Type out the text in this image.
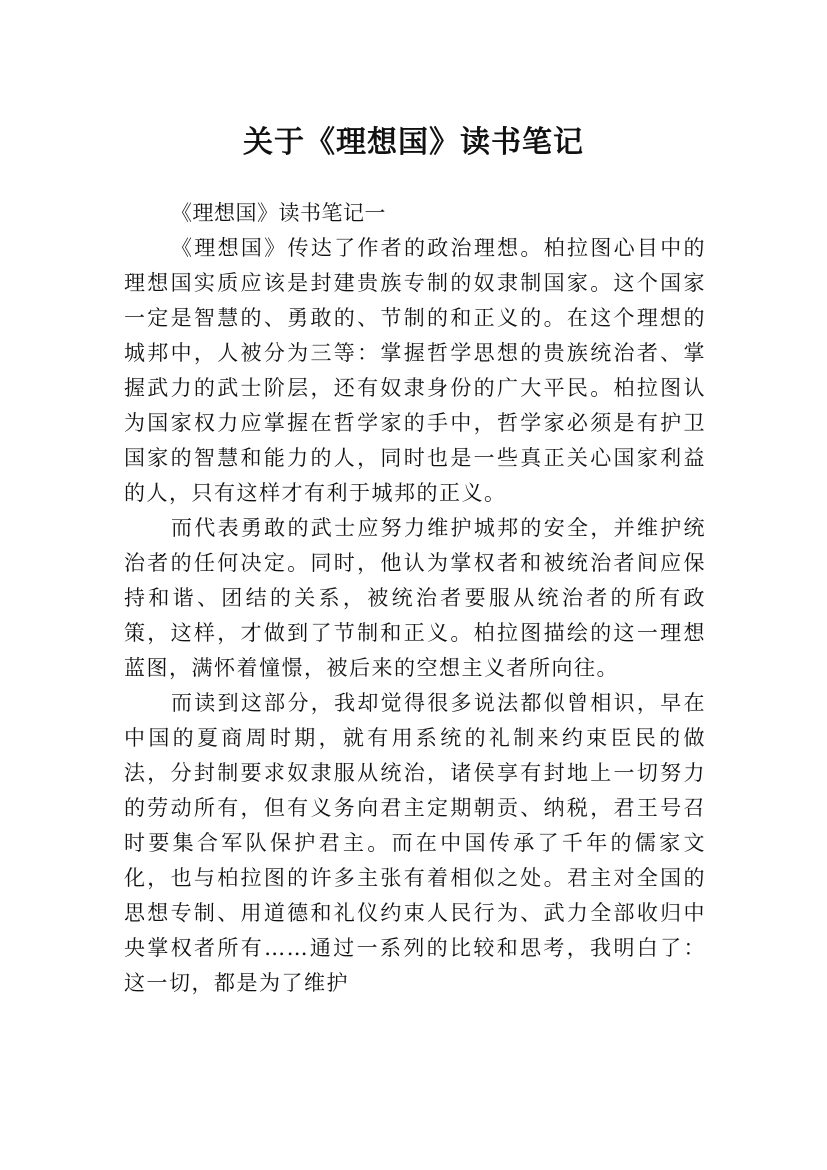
关于《理想国》读书笔记

《理想国》读书笔记一

《理想国》传达了作者的政治理想。柏拉图心目中的理想国实质应该是封建贵族专制的奴隶制国家。这个国家一定是智慧的、勇敢的、节制的和正义的。在这个理想的城邦中，人被分为三等：掌握哲学思想的贵族统治者、掌握武力的武士阶层，还有奴隶身份的广大平民。柏拉图认为国家权力应掌握在哲学家的手中，哲学家必须是有护卫国家的智慧和能力的人，同时也是一些真正关心国家利益的人，只有这样才有利于城邦的正义。

而代表勇敢的武士应努力维护城邦的安全，并维护统治者的任何决定。同时，他认为掌权者和被统治者间应保持和谐、团结的关系，被统治者要服从统治者的所有政策，这样，才做到了节制和正义。柏拉图描绘的这一理想蓝图，满怀着憧憬，被后来的空想主义者所向往。

而读到这部分，我却觉得很多说法都似曾相识，早在中国的夏商周时期，就有用系统的礼制来约束臣民的做法，分封制要求奴隶服从统治，诸侯享有封地上一切努力的劳动所有，但有义务向君主定期朝贡、纳税，君王号召时要集合军队保护君主。而在中国传承了千年的儒家文化，也与柏拉图的许多主张有着相似之处。君主对全国的思想专制、用道德和礼仪约束人民行为、武力全部收归中央掌权者所有……通过一系列的比较和思考，我明白了：这一切，都是为了维护
